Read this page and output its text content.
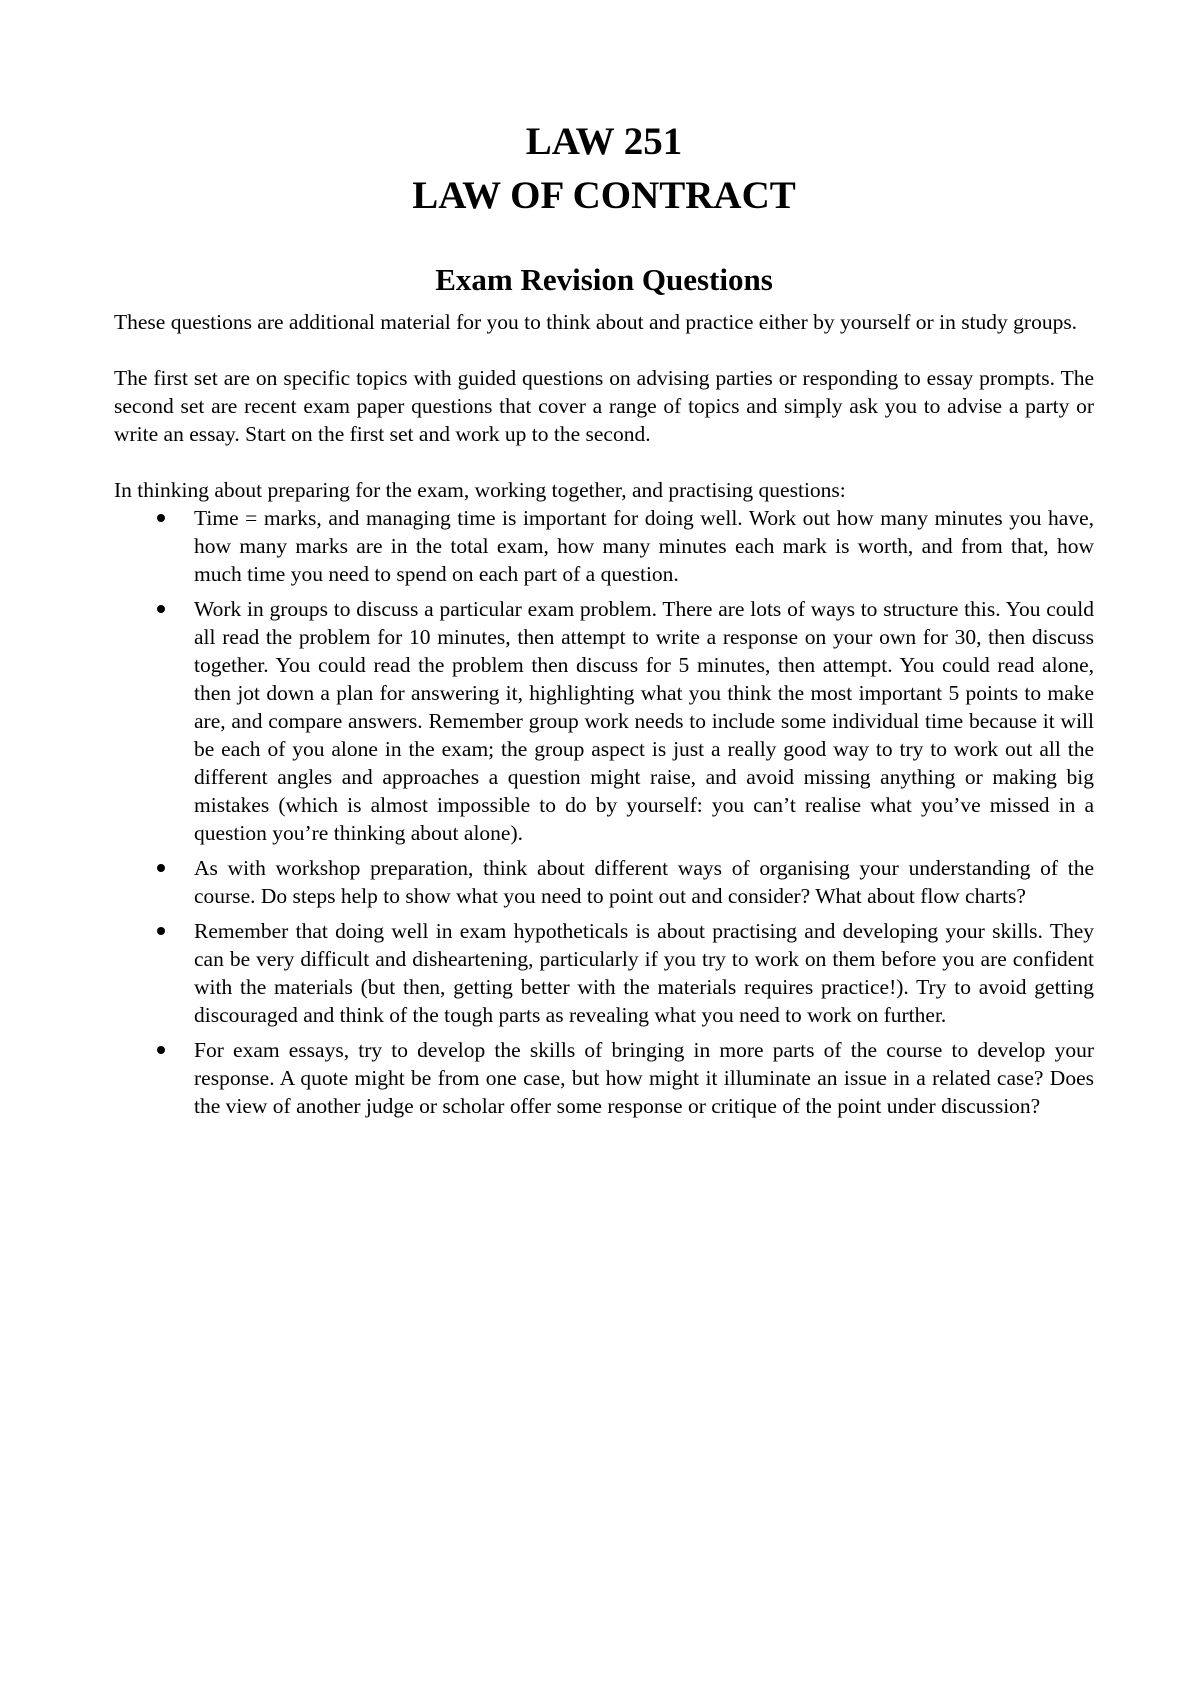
LAW 251
LAW OF CONTRACT
Exam Revision Questions

These questions are additional material for you to think about and practice either by yourself or in study groups.

The first set are on specific topics with guided questions on advising parties or responding to essay prompts. The second set are recent exam paper questions that cover a range of topics and simply ask you to advise a party or write an essay. Start on the first set and work up to the second.

In thinking about preparing for the exam, working together, and practising questions:

Time = marks, and managing time is important for doing well. Work out how many minutes you have, how many marks are in the total exam, how many minutes each mark is worth, and from that, how much time you need to spend on each part of a question.
Work in groups to discuss a particular exam problem. There are lots of ways to structure this. You could all read the problem for 10 minutes, then attempt to write a response on your own for 30, then discuss together. You could read the problem then discuss for 5 minutes, then attempt. You could read alone, then jot down a plan for answering it, highlighting what you think the most important 5 points to make are, and compare answers. Remember group work needs to include some individual time because it will be each of you alone in the exam; the group aspect is just a really good way to try to work out all the different angles and approaches a question might raise, and avoid missing anything or making big mistakes (which is almost impossible to do by yourself: you can’t realise what you’ve missed in a question you’re thinking about alone).
As with workshop preparation, think about different ways of organising your understanding of the course. Do steps help to show what you need to point out and consider? What about flow charts?
Remember that doing well in exam hypotheticals is about practising and developing your skills. They can be very difficult and disheartening, particularly if you try to work on them before you are confident with the materials (but then, getting better with the materials requires practice!). Try to avoid getting discouraged and think of the tough parts as revealing what you need to work on further.
For exam essays, try to develop the skills of bringing in more parts of the course to develop your response. A quote might be from one case, but how might it illuminate an issue in a related case? Does the view of another judge or scholar offer some response or critique of the point under discussion?
